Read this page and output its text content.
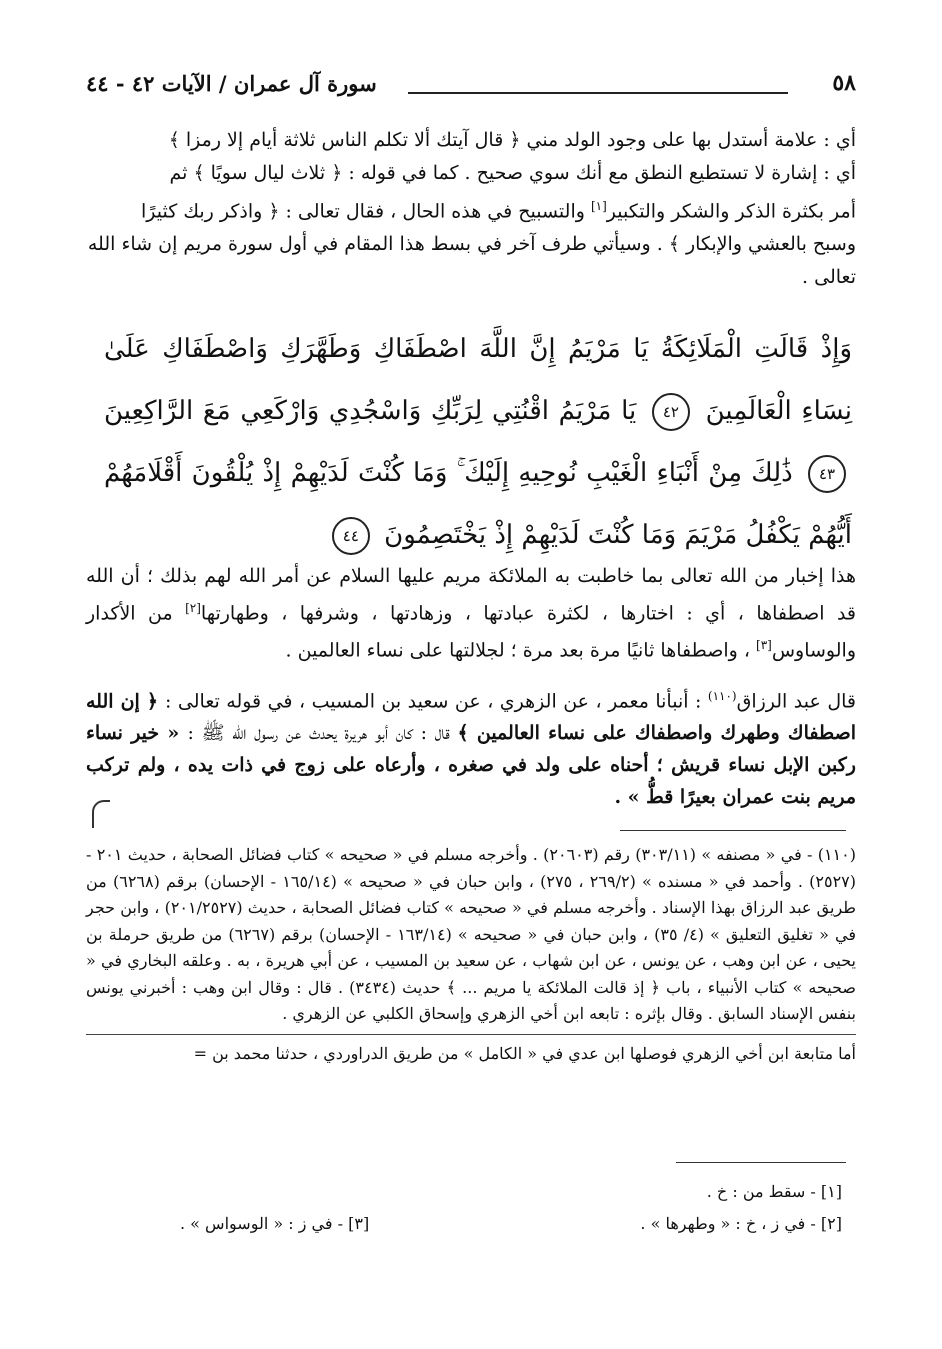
٥٨
سورة آل عمران / الآيات ٤٢ - ٤٤

أي : علامة أستدل بها على وجود الولد مني ﴿ قال آيتك ألا تكلم الناس ثلاثة أيام إلا رمزا ﴾

أي : إشارة لا تستطيع النطق مع أنك سوي صحيح . كما في قوله : ﴿ ثلاث ليال سويًا ﴾ ثم

أمر بكثرة الذكر والشكر والتكبير[١] والتسبيح في هذه الحال ، فقال تعالى : ﴿ واذكر ربك كثيرًا

وسبح بالعشي والإبكار ﴾ . وسيأتي طرف آخر في بسط هذا المقام في أول سورة مريم إن شاء الله

تعالى .

وَإِذْ قَالَتِ الْمَلَائِكَةُ يَا مَرْيَمُ إِنَّ اللَّهَ اصْطَفَاكِ وَطَهَّرَكِ وَاصْطَفَاكِ عَلَىٰ نِسَاءِ الْعَالَمِينَ ٤٢ يَا مَرْيَمُ اقْنُتِي لِرَبِّكِ وَاسْجُدِي وَارْكَعِي مَعَ الرَّاكِعِينَ ٤٣ ذَٰلِكَ مِنْ أَنْبَاءِ الْغَيْبِ نُوحِيهِ إِلَيْكَ ۚ وَمَا كُنْتَ لَدَيْهِمْ إِذْ يُلْقُونَ أَقْلَامَهُمْ أَيُّهُمْ يَكْفُلُ مَرْيَمَ وَمَا كُنْتَ لَدَيْهِمْ إِذْ يَخْتَصِمُونَ ٤٤

هذا إخبار من الله تعالى بما خاطبت به الملائكة مريم عليها السلام عن أمر الله لهم بذلك ؛ أن الله قد اصطفاها ، أي : اختارها ، لكثرة عبادتها ، وزهادتها ، وشرفها ، وطهارتها[٢] من الأكدار والوساوس[٣] ، واصطفاها ثانيًا مرة بعد مرة ؛ لجلالتها على نساء العالمين .

قال عبد الرزاق$^{(١١٠)}$ : أنبأنا معمر ، عن الزهري ، عن سعيد بن المسيب ، في قوله تعالى : ﴿ إن الله اصطفاك وطهرك واصطفاك على نساء العالمين ﴾ قال : كان أبو هريرة يحدث عن رسول الله ﷺ : « خير نساء ركبن الإبل نساء قريش ؛ أحناه على ولد في صغره ، وأرعاه على زوج في ذات يده ، ولم تركب مريم بنت عمران بعيرًا قطُّ » .

(١١٠) - في « مصنفه » (٣٠٣/١١) رقم (٢٠٦٠٣) . وأخرجه مسلم في « صحيحه » كتاب فضائل الصحابة ، حديث ٢٠١ - (٢٥٢٧) . وأحمد في « مسنده » (٢٦٩/٢ ، ٢٧٥) ، وابن حبان في « صحيحه » (١٦٥/١٤ - الإحسان) برقم (٦٢٦٨) من طريق عبد الرزاق بهذا الإسناد . وأخرجه مسلم في « صحيحه » كتاب فضائل الصحابة ، حديث (٢٠١/٢٥٢٧) ، وابن حجر في « تغليق التعليق » (٤/ ٣٥) ، وابن حبان في « صحيحه » (١٦٣/١٤ - الإحسان) برقم (٦٢٦٧) من طريق حرملة بن يحيى ، عن ابن وهب ، عن يونس ، عن ابن شهاب ، عن سعيد بن المسيب ، عن أبي هريرة ، به . وعلقه البخاري في « صحيحه » كتاب الأنبياء ، باب ﴿ إذ قالت الملائكة يا مريم ... ﴾ حديث (٣٤٣٤) . قال : وقال ابن وهب : أخبرني يونس بنفس الإسناد السابق . وقال بإثره : تابعه ابن أخي الزهري وإسحاق الكلبي عن الزهري .

أما متابعة ابن أخي الزهري فوصلها ابن عدي في « الكامل » من طريق الدراوردي ، حدثنا محمد بن =

[١] - سقط من : خ .
[٢] - في ز ، خ : « وطهرها » .
[٣] - في ز : « الوسواس » .
